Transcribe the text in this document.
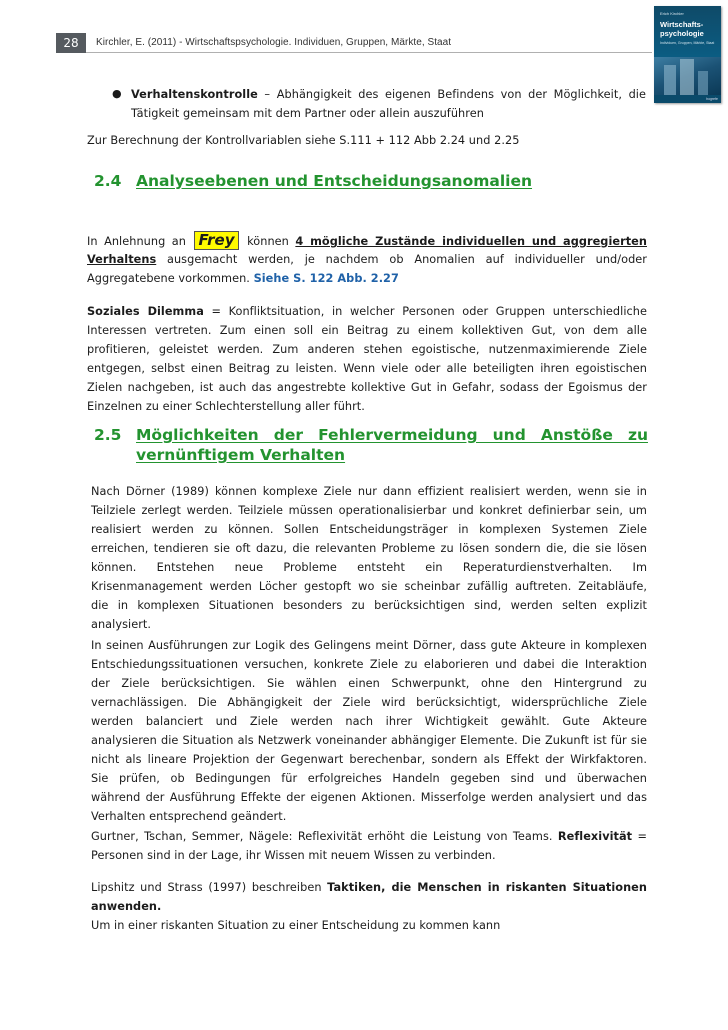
28	Kirchler, E. (2011) - Wirtschaftspsychologie. Individuen, Gruppen, Märkte, Staat
Erich Kirchler
Wirtschafts-
psychologie
Individuen, Gruppen, Märkte, Staat
hogrefe
● Verhaltenskontrolle – Abhängigkeit des eigenen Befindens von der Möglichkeit, die
Tätigkeit gemeinsam mit dem Partner oder allein auszuführen
Zur Berechnung der Kontrollvariablen siehe S.111 + 112 Abb 2.24 und 2.25
2.4 Analyseebenen und Entscheidungsanomalien
In Anlehnung an Frey können 4 mögliche Zustände individuellen und aggregierten
Verhaltens ausgemacht werden, je nachdem ob Anomalien auf individueller und/oder
Aggregatebene vorkommen. Siehe S. 122 Abb. 2.27
Soziales Dilemma = Konfliktsituation, in welcher Personen oder Gruppen unterschiedliche
Interessen vertreten. Zum einen soll ein Beitrag zu einem kollektiven Gut, von dem alle
profitieren, geleistet werden. Zum anderen stehen egoistische, nutzenmaximierende Ziele
entgegen, selbst einen Beitrag zu leisten. Wenn viele oder alle beteiligten ihren egoistischen
Zielen nachgeben, ist auch das angestrebte kollektive Gut in Gefahr, sodass der Egoismus der
Einzelnen zu einer Schlechterstellung aller führt.
2.5 Möglichkeiten der Fehlervermeidung und Anstöße zu
vernünftigem Verhalten
Nach Dörner (1989) können komplexe Ziele nur dann effizient realisiert werden, wenn sie in
Teilziele zerlegt werden. Teilziele müssen operationalisierbar und konkret definierbar sein, um
realisiert werden zu können. Sollen Entscheidungsträger in komplexen Systemen Ziele
erreichen, tendieren sie oft dazu, die relevanten Probleme zu lösen sondern die, die sie lösen
können. Entstehen neue Probleme entsteht ein Reperaturdienstverhalten. Im
Krisenmanagement werden Löcher gestopft wo sie scheinbar zufällig auftreten. Zeitabläufe,
die in komplexen Situationen besonders zu berücksichtigen sind, werden selten explizit
analysiert.
In seinen Ausführungen zur Logik des Gelingens meint Dörner, dass gute Akteure in komplexen
Entschiedungssituationen versuchen, konkrete Ziele zu elaborieren und dabei die Interaktion
der Ziele berücksichtigen. Sie wählen einen Schwerpunkt, ohne den Hintergrund zu
vernachlässigen. Die Abhängigkeit der Ziele wird berücksichtigt, widersprüchliche Ziele
werden balanciert und Ziele werden nach ihrer Wichtigkeit gewählt. Gute Akteure
analysieren die Situation als Netzwerk voneinander abhängiger Elemente. Die Zukunft ist für sie
nicht als lineare Projektion der Gegenwart berechenbar, sondern als Effekt der Wirkfaktoren.
Sie prüfen, ob Bedingungen für erfolgreiches Handeln gegeben sind und überwachen
während der Ausführung Effekte der eigenen Aktionen. Misserfolge werden analysiert und das
Verhalten entsprechend geändert.
Gurtner, Tschan, Semmer, Nägele: Reflexivität erhöht die Leistung von Teams. Reflexivität =
Personen sind in der Lage, ihr Wissen mit neuem Wissen zu verbinden.
Lipshitz und Strass (1997) beschreiben Taktiken, die Menschen in riskanten Situationen
anwenden.
Um in einer riskanten Situation zu einer Entscheidung zu kommen kann
